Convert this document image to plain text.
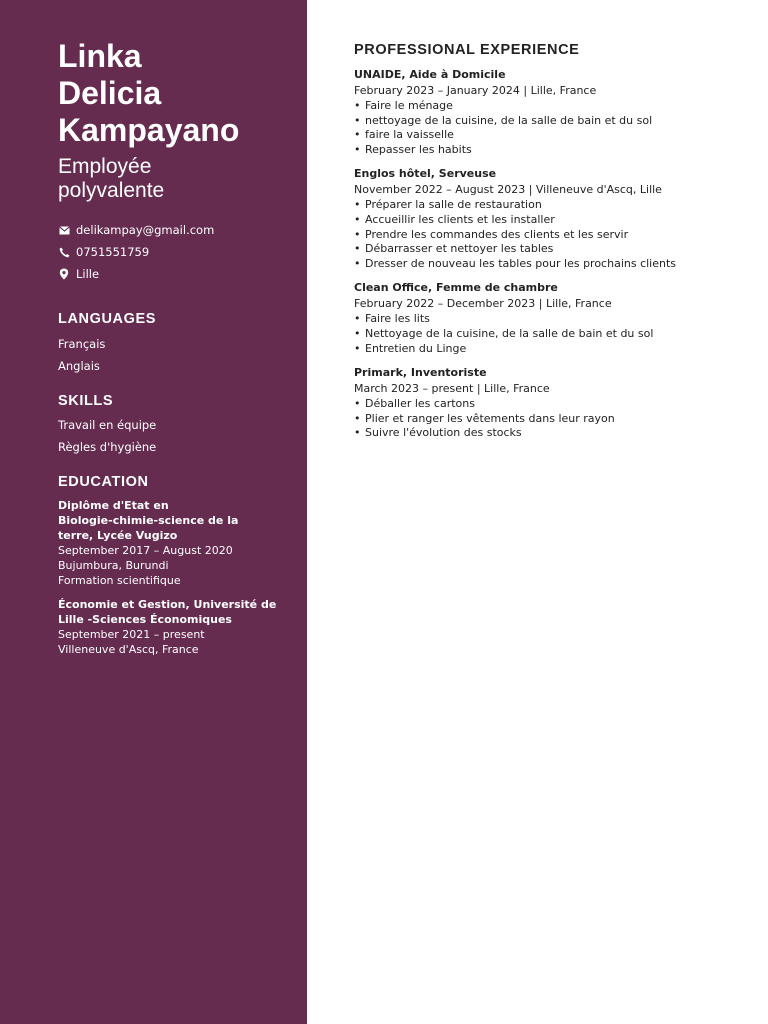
Linka
Delicia
Kampayano
Employée
polyvalente
delikampay@gmail.com
0751551759
Lille
LANGUAGES
Français
Anglais
SKILLS
Travail en équipe
Règles d'hygiène
EDUCATION
Diplôme d'Etat en
Biologie-chimie-science de la
terre, Lycée Vugizo
September 2017 – August 2020
Bujumbura, Burundi
Formation scientifique
Économie et Gestion, Université de
Lille -Sciences Économiques
September 2021 – present
Villeneuve d'Ascq, France
PROFESSIONAL EXPERIENCE
UNAIDE, Aide à Domicile
February 2023 – January 2024 | Lille, France
• Faire le ménage
• nettoyage de la cuisine, de la salle de bain et du sol
• faire la vaisselle
• Repasser les habits
Englos hôtel, Serveuse
November 2022 – August 2023 | Villeneuve d'Ascq, Lille
• Préparer la salle de restauration
• Accueillir les clients et les installer
• Prendre les commandes des clients et les servir
• Débarrasser et nettoyer les tables
• Dresser de nouveau les tables pour les prochains clients
Clean Office, Femme de chambre
February 2022 – December 2023 | Lille, France
• Faire les lits
• Nettoyage de la cuisine, de la salle de bain et du sol
• Entretien du Linge
Primark, Inventoriste
March 2023 – present | Lille, France
• Déballer les cartons
• Plier et ranger les vêtements dans leur rayon
• Suivre l'évolution des stocks
